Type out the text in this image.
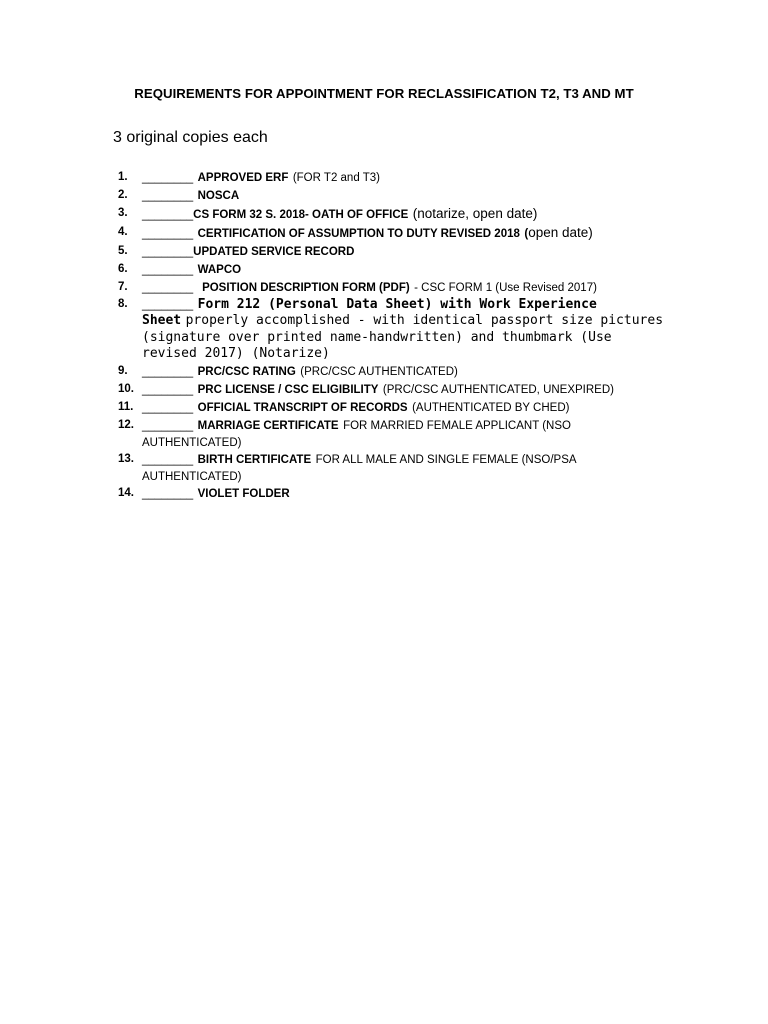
REQUIREMENTS FOR APPOINTMENT FOR RECLASSIFICATION T2, T3 AND MT
3 original copies each
1. ________ APPROVED ERF (FOR T2 and T3)
2. ________ NOSCA
3. ________CS FORM 32 S. 2018- OATH OF OFFICE (notarize, open date)
4. ________ CERTIFICATION OF ASSUMPTION TO DUTY REVISED 2018 (open date)
5. ________UPDATED SERVICE RECORD
6. ________ WAPCO
7. ________ POSITION DESCRIPTION FORM (PDF) - CSC FORM 1 (Use Revised 2017)
8. ________ Form 212 (Personal Data Sheet) with Work Experience
Sheet properly accomplished - with identical passport size pictures
(signature over printed name-handwritten) and thumbmark (Use
revised 2017) (Notarize)
9. ________ PRC/CSC RATING (PRC/CSC AUTHENTICATED)
10. ________ PRC LICENSE / CSC ELIGIBILITY (PRC/CSC AUTHENTICATED, UNEXPIRED)
11. ________ OFFICIAL TRANSCRIPT OF RECORDS (AUTHENTICATED BY CHED)
12. ________ MARRIAGE CERTIFICATE FOR MARRIED FEMALE APPLICANT (NSO
AUTHENTICATED)
13. ________ BIRTH CERTIFICATE FOR ALL MALE AND SINGLE FEMALE (NSO/PSA
AUTHENTICATED)
14. ________ VIOLET FOLDER
